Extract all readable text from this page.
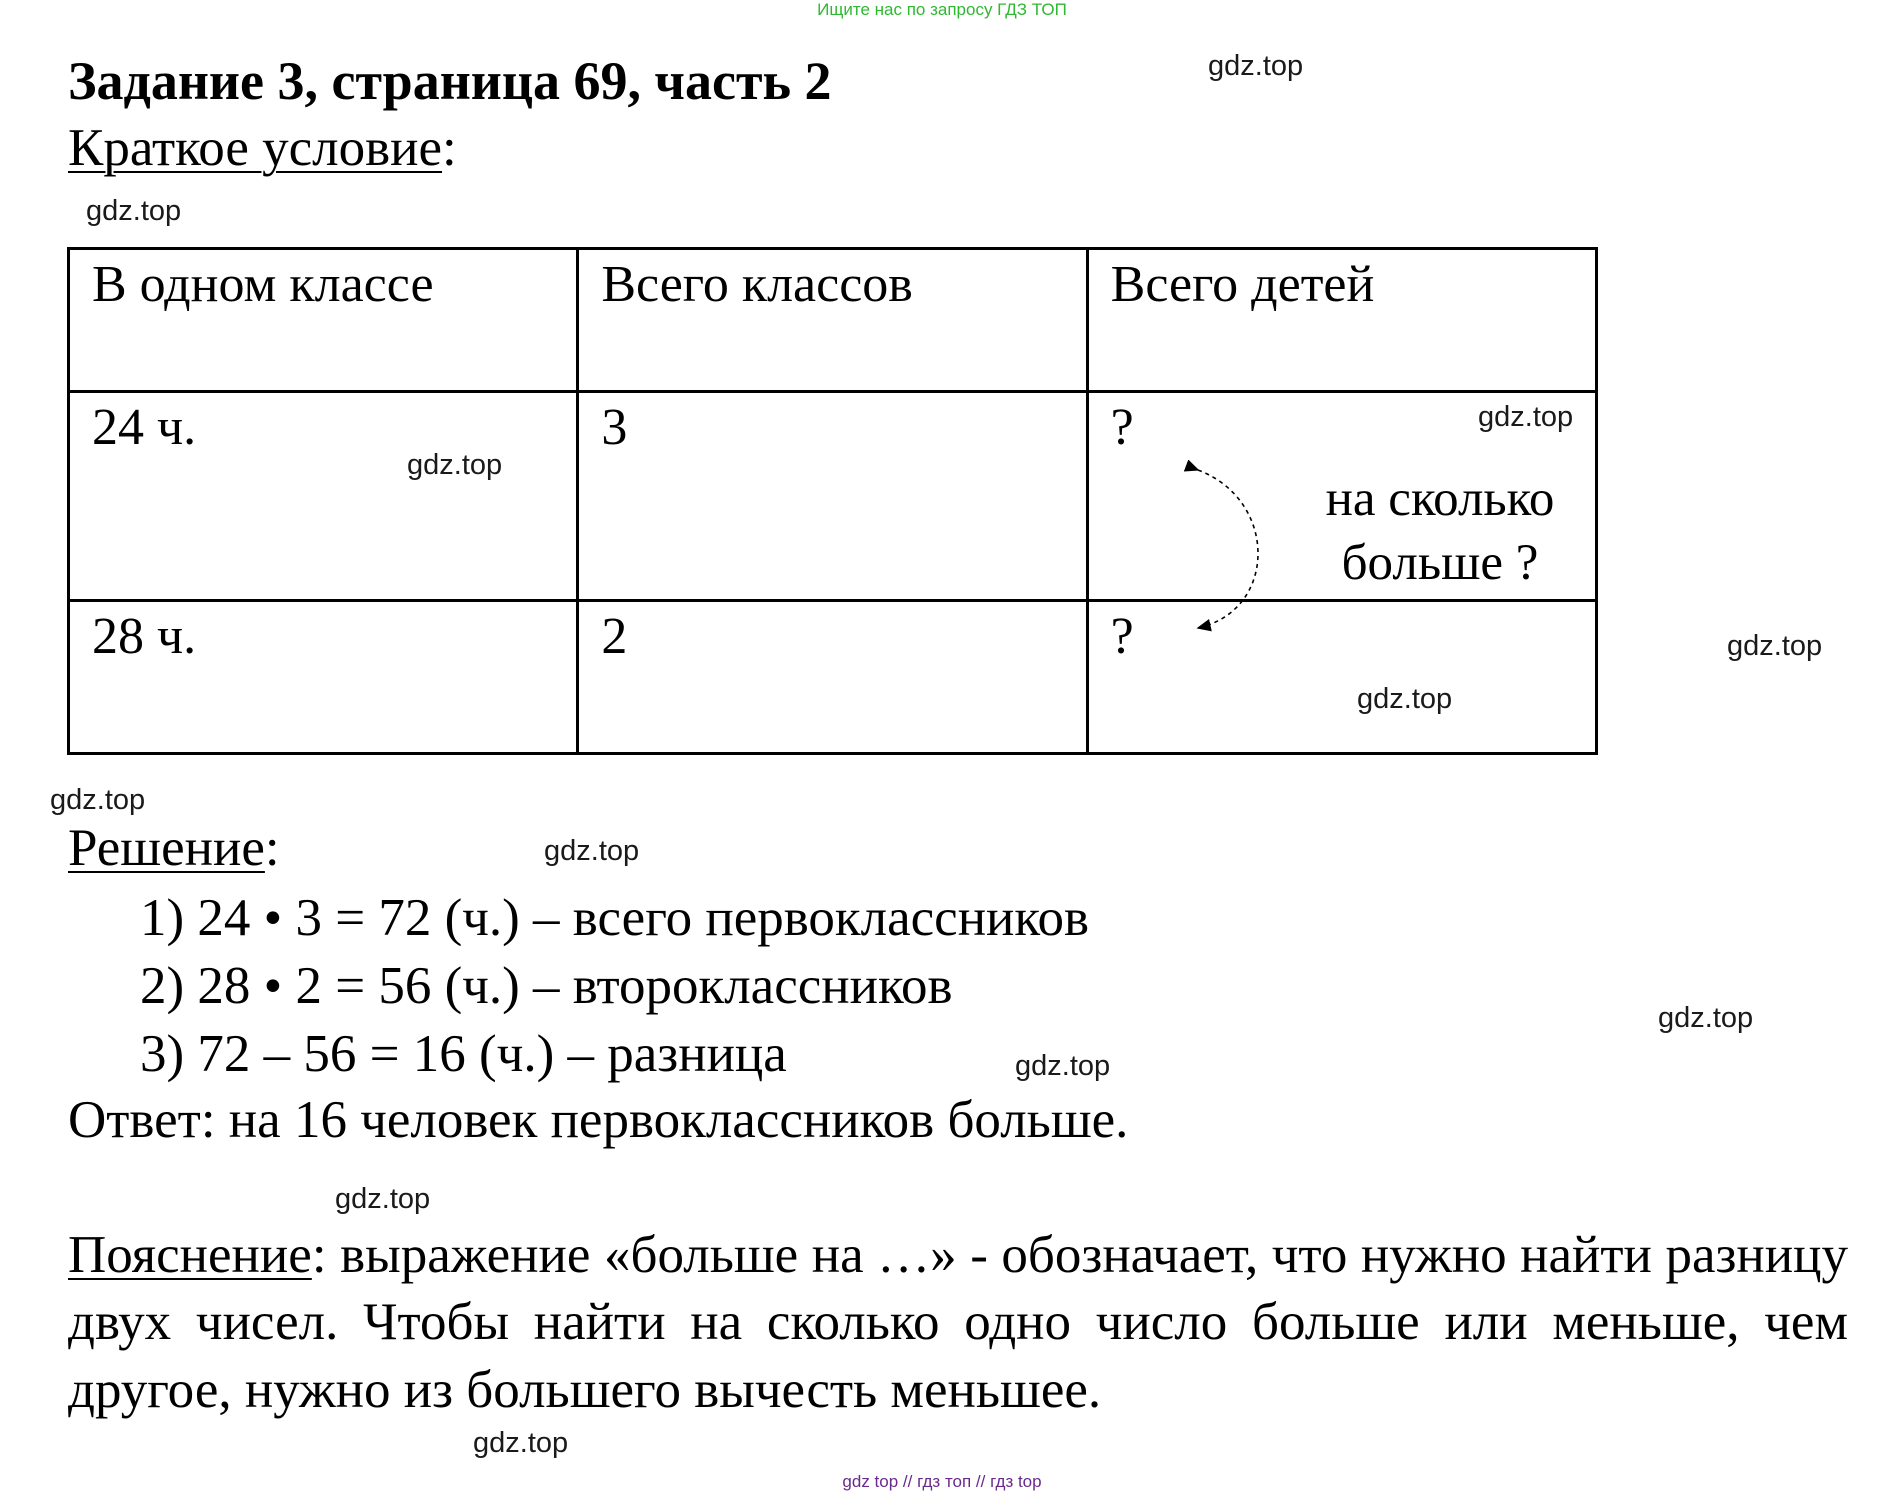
Ищите нас по запросу ГДЗ ТОП
Задание 3, страница 69, часть 2
Краткое условие:
В одном классе	Всего классов	Всего детей
24 ч.	3	?
28 ч.	2	?
на сколько больше ?
Решение:
1) 24 • 3 = 72 (ч.) – всего первоклассников
2) 28 • 2 = 56 (ч.) – второклассников
3) 72 – 56 = 16 (ч.) – разница
Ответ: на 16 человек первоклассников больше.
Пояснение: выражение «больше на …» - обозначает, что нужно найти разницу двух чисел. Чтобы найти на сколько одно число больше или меньше, чем другое, нужно из большего вычесть меньшее.
gdz.top
gdz.top
gdz.top
gdz.top
gdz.top
gdz.top
gdz.top
gdz.top
gdz.top
gdz.top
gdz.top
gdz.top
gdz top // гдз топ // гдз top
